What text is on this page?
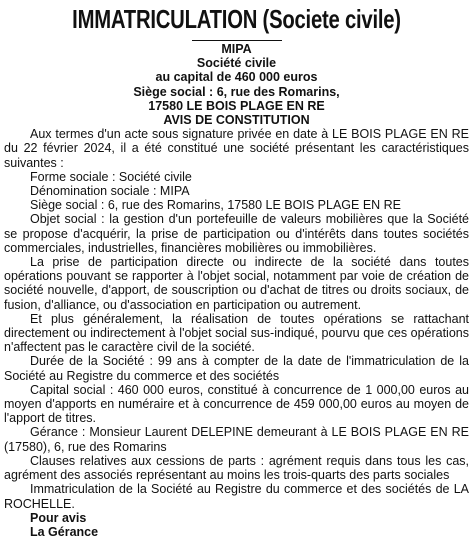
IMMATRICULATION (Societe civile)
MIPA
Société civile
au capital de 460 000 euros
Siège social : 6, rue des Romarins,
17580 LE BOIS PLAGE EN RE
AVIS DE CONSTITUTION

Aux termes d'un acte sous signature privée en date à LE BOIS PLAGE EN RE du 22 février 2024, il a été constitué une société présentant les caractéristiques suivantes :

Forme sociale : Société civile

Dénomination sociale : MIPA

Siège social : 6, rue des Romarins, 17580 LE BOIS PLAGE EN RE

Objet social : la gestion d'un portefeuille de valeurs mobilières que la Société se propose d'acquérir, la prise de participation ou d'intérêts dans toutes sociétés commerciales, industrielles, financières mobilières ou immobilières.

La prise de participation directe ou indirecte de la société dans toutes opérations pouvant se rapporter à l'objet social, notamment par voie de création de société nouvelle, d'apport, de souscription ou d'achat de titres ou droits sociaux, de fusion, d'alliance, ou d'association en participation ou autrement.

Et plus généralement, la réalisation de toutes opérations se rattachant directement ou indirectement à l'objet social sus-indiqué, pourvu que ces opérations n'affectent pas le caractère civil de la société.

Durée de la Société : 99 ans à compter de la date de l'immatriculation de la Société au Registre du commerce et des sociétés

Capital social : 460 000 euros, constitué à concurrence de 1 000,00 euros au moyen d'apports en numéraire et à concurrence de 459 000,00 euros au moyen de l'apport de titres.

Gérance : Monsieur Laurent DELEPINE demeurant à LE BOIS PLAGE EN RE (17580), 6, rue des Romarins

Clauses relatives aux cessions de parts : agrément requis dans tous les cas, agrément des associés représentant au moins les trois-quarts des parts sociales

Immatriculation de la Société au Registre du commerce et des sociétés de LA ROCHELLE.

Pour avis
La Gérance
